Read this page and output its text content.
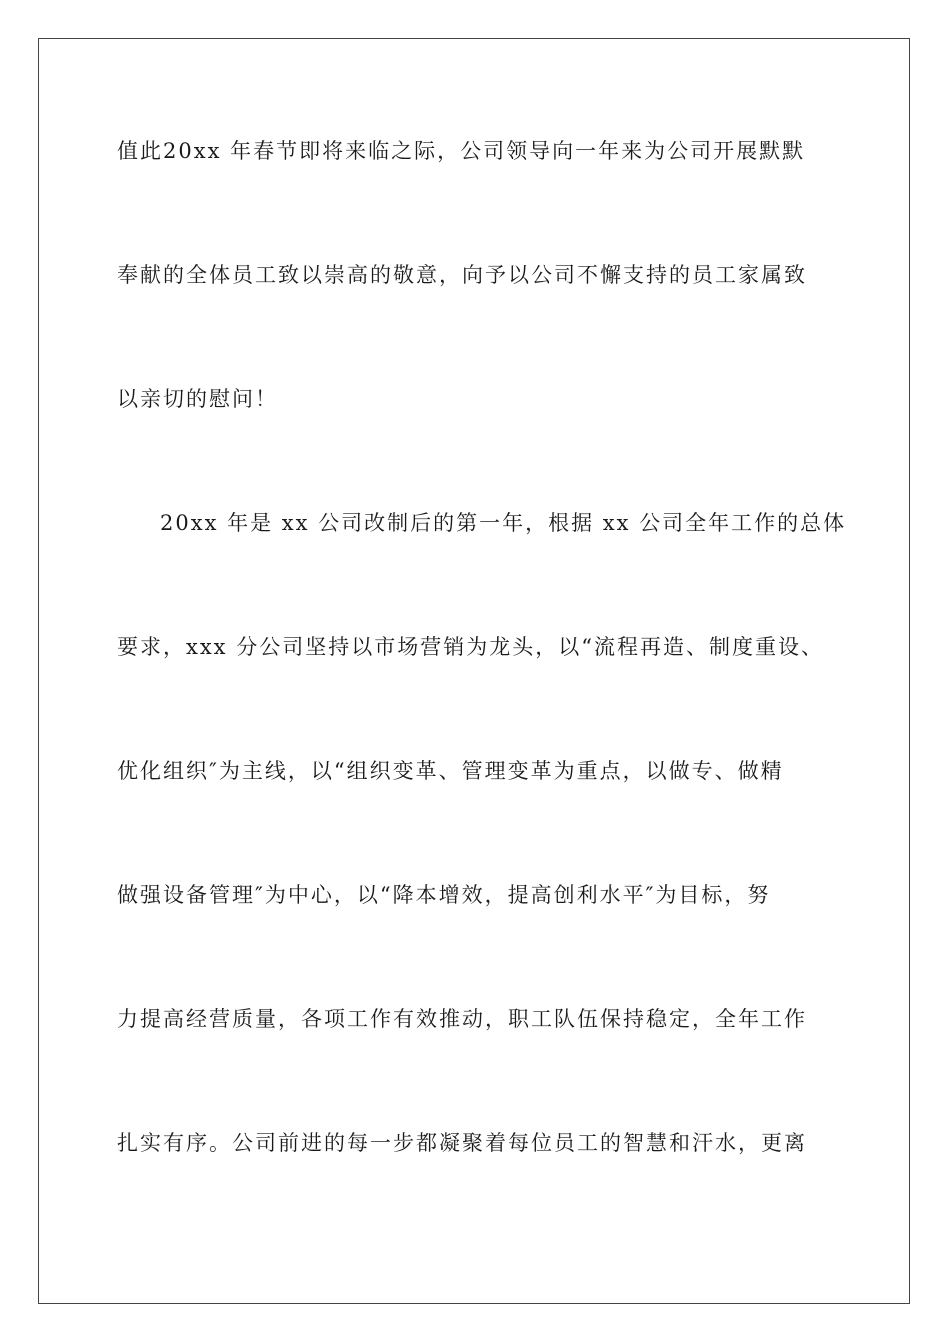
值此20xx 年春节即将来临之际，公司领导向一年来为公司开展默默
奉献的全体员工致以崇高的敬意，向予以公司不懈支持的员工家属致
以亲切的慰问！
20xx 年是 xx 公司改制后的第一年，根据 xx 公司全年工作的总体
要求，xxx 分公司坚持以市场营销为龙头，以“流程再造、制度重设、
优化组织″为主线，以“组织变革、管理变革为重点，以做专、做精
做强设备管理″为中心，以“降本增效，提高创利水平″为目标，努
力提高经营质量，各项工作有效推动，职工队伍保持稳定，全年工作
扎实有序。公司前进的每一步都凝聚着每位员工的智慧和汗水，更离
